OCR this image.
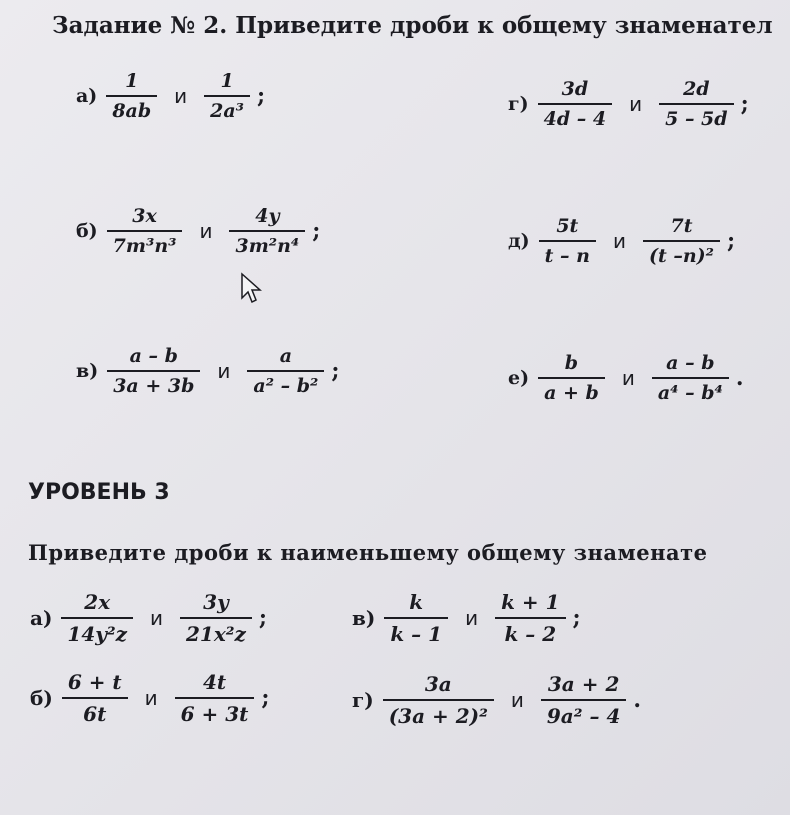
Задание № 2. Приведите дроби к общему знаменател
$а) \frac{1}{8ab}$ и $\frac{1}{\text{2a³}}$ ;	$г) \frac{3d}{4d - 4}$ и $\frac{2d}{5 - 5d}$ ;
$б) \frac{3x}{\text{7m³n³}}$ и $\frac{4y}{\text{3m²n⁴}}$ ;	$д) \frac{5t}{t - n}$ и $\frac{7t}{\text{(t –n)²}}$ ;
$в) \frac{a - b}{3a + 3b}$ и $\frac{a}{\text{a² – b²}}$ ;	$е) \frac{b}{a + b}$ и $\frac{a - b}{\text{a⁴ – b⁴}}$ .
УРОВЕНЬ 3
Приведите дроби к наименьшему общему знаменате
$а) \frac{2x}{\text{14y²z}}$ и $\frac{3y}{\text{21x²z}}$ ;	$в) \frac{k}{k - 1}$ и $\frac{k + 1}{k - 2}$ ;
$б) \frac{6 + t}{6t}$ и $\frac{4t}{6 + 3t}$ ;	$г) \frac{3a}{\text{(3a + 2)²}}$ и $\frac{3a + 2}{\text{9a² – 4}}$ .
